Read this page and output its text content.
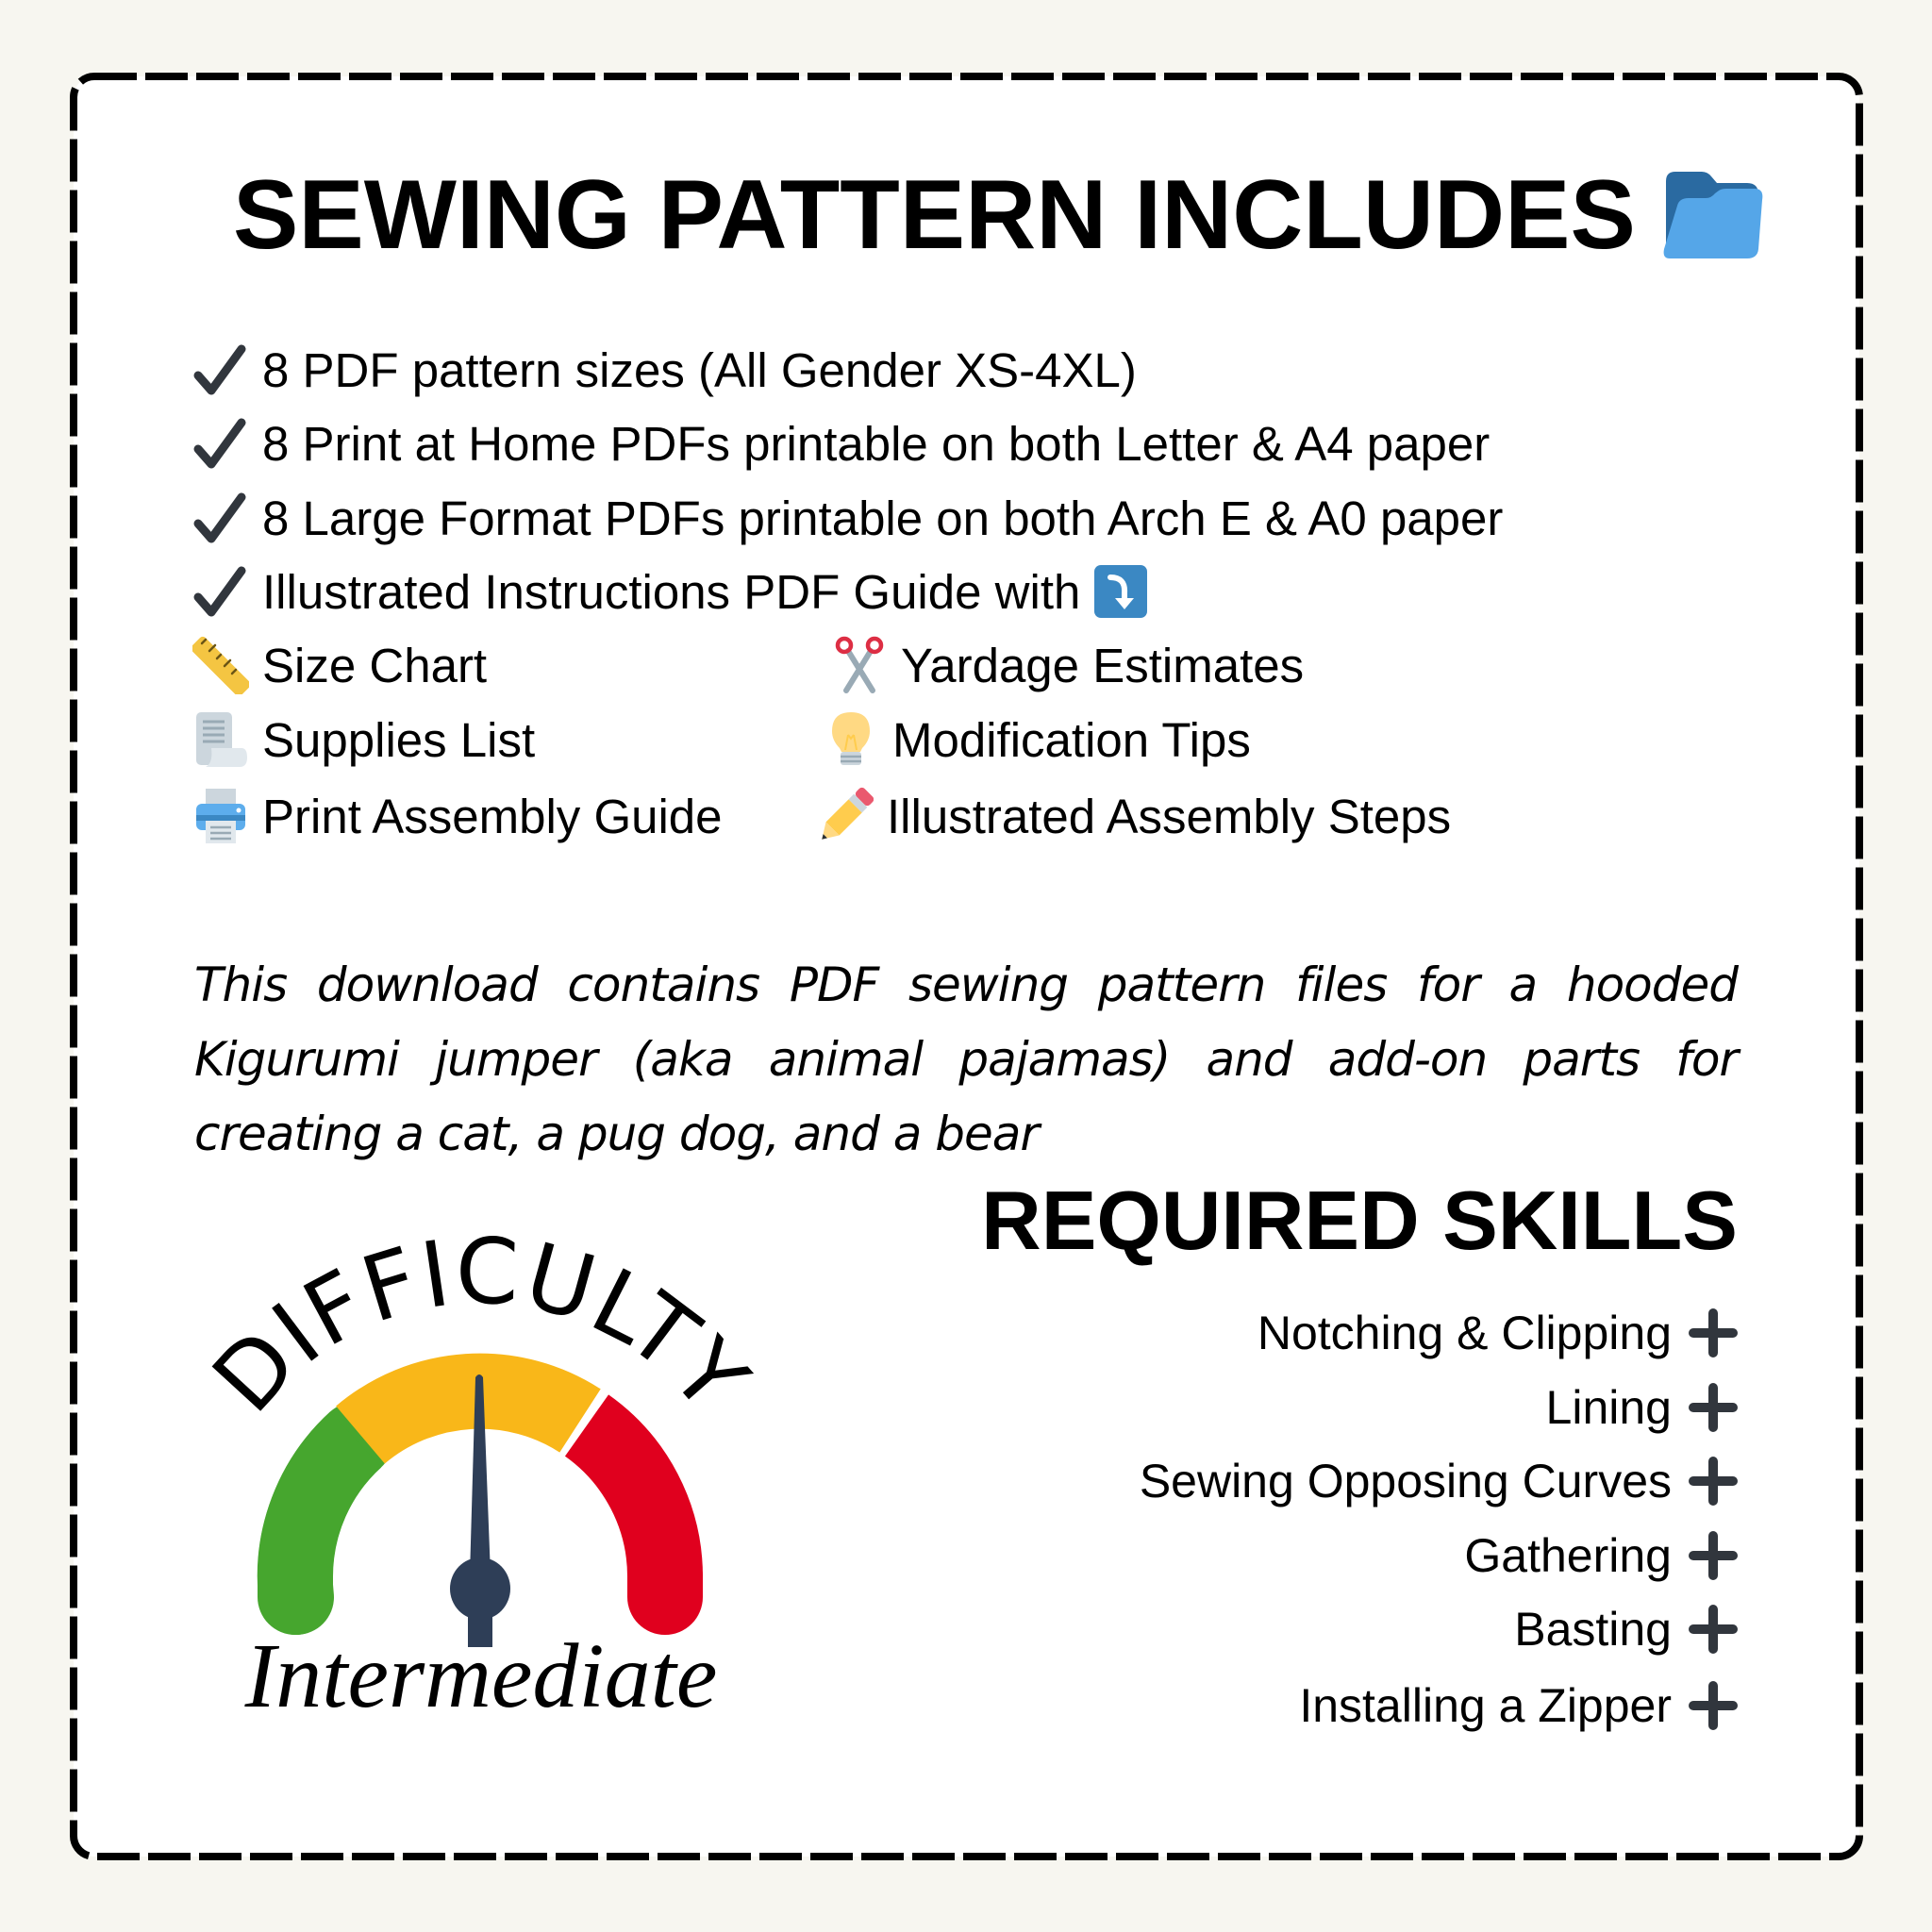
SEWING PATTERN INCLUDES
8 PDF pattern sizes (All Gender XS-4XL)
8 Print at Home PDFs printable on both Letter & A4 paper
8 Large Format PDFs printable on both Arch E & A0 paper
Illustrated Instructions PDF Guide with
Size Chart
Supplies List
Print Assembly Guide
Yardage Estimates
Modification Tips
Illustrated Assembly Steps

This download contains PDF sewing pattern files for a hooded Kigurumi jumper (aka animal pajamas) and add-on parts for creating a cat, a pug dog, and a bear

DIFFICULTY
Intermediate
REQUIRED SKILLS
Notching & Clipping
Lining
Sewing Opposing Curves
Gathering
Basting
Installing a Zipper
